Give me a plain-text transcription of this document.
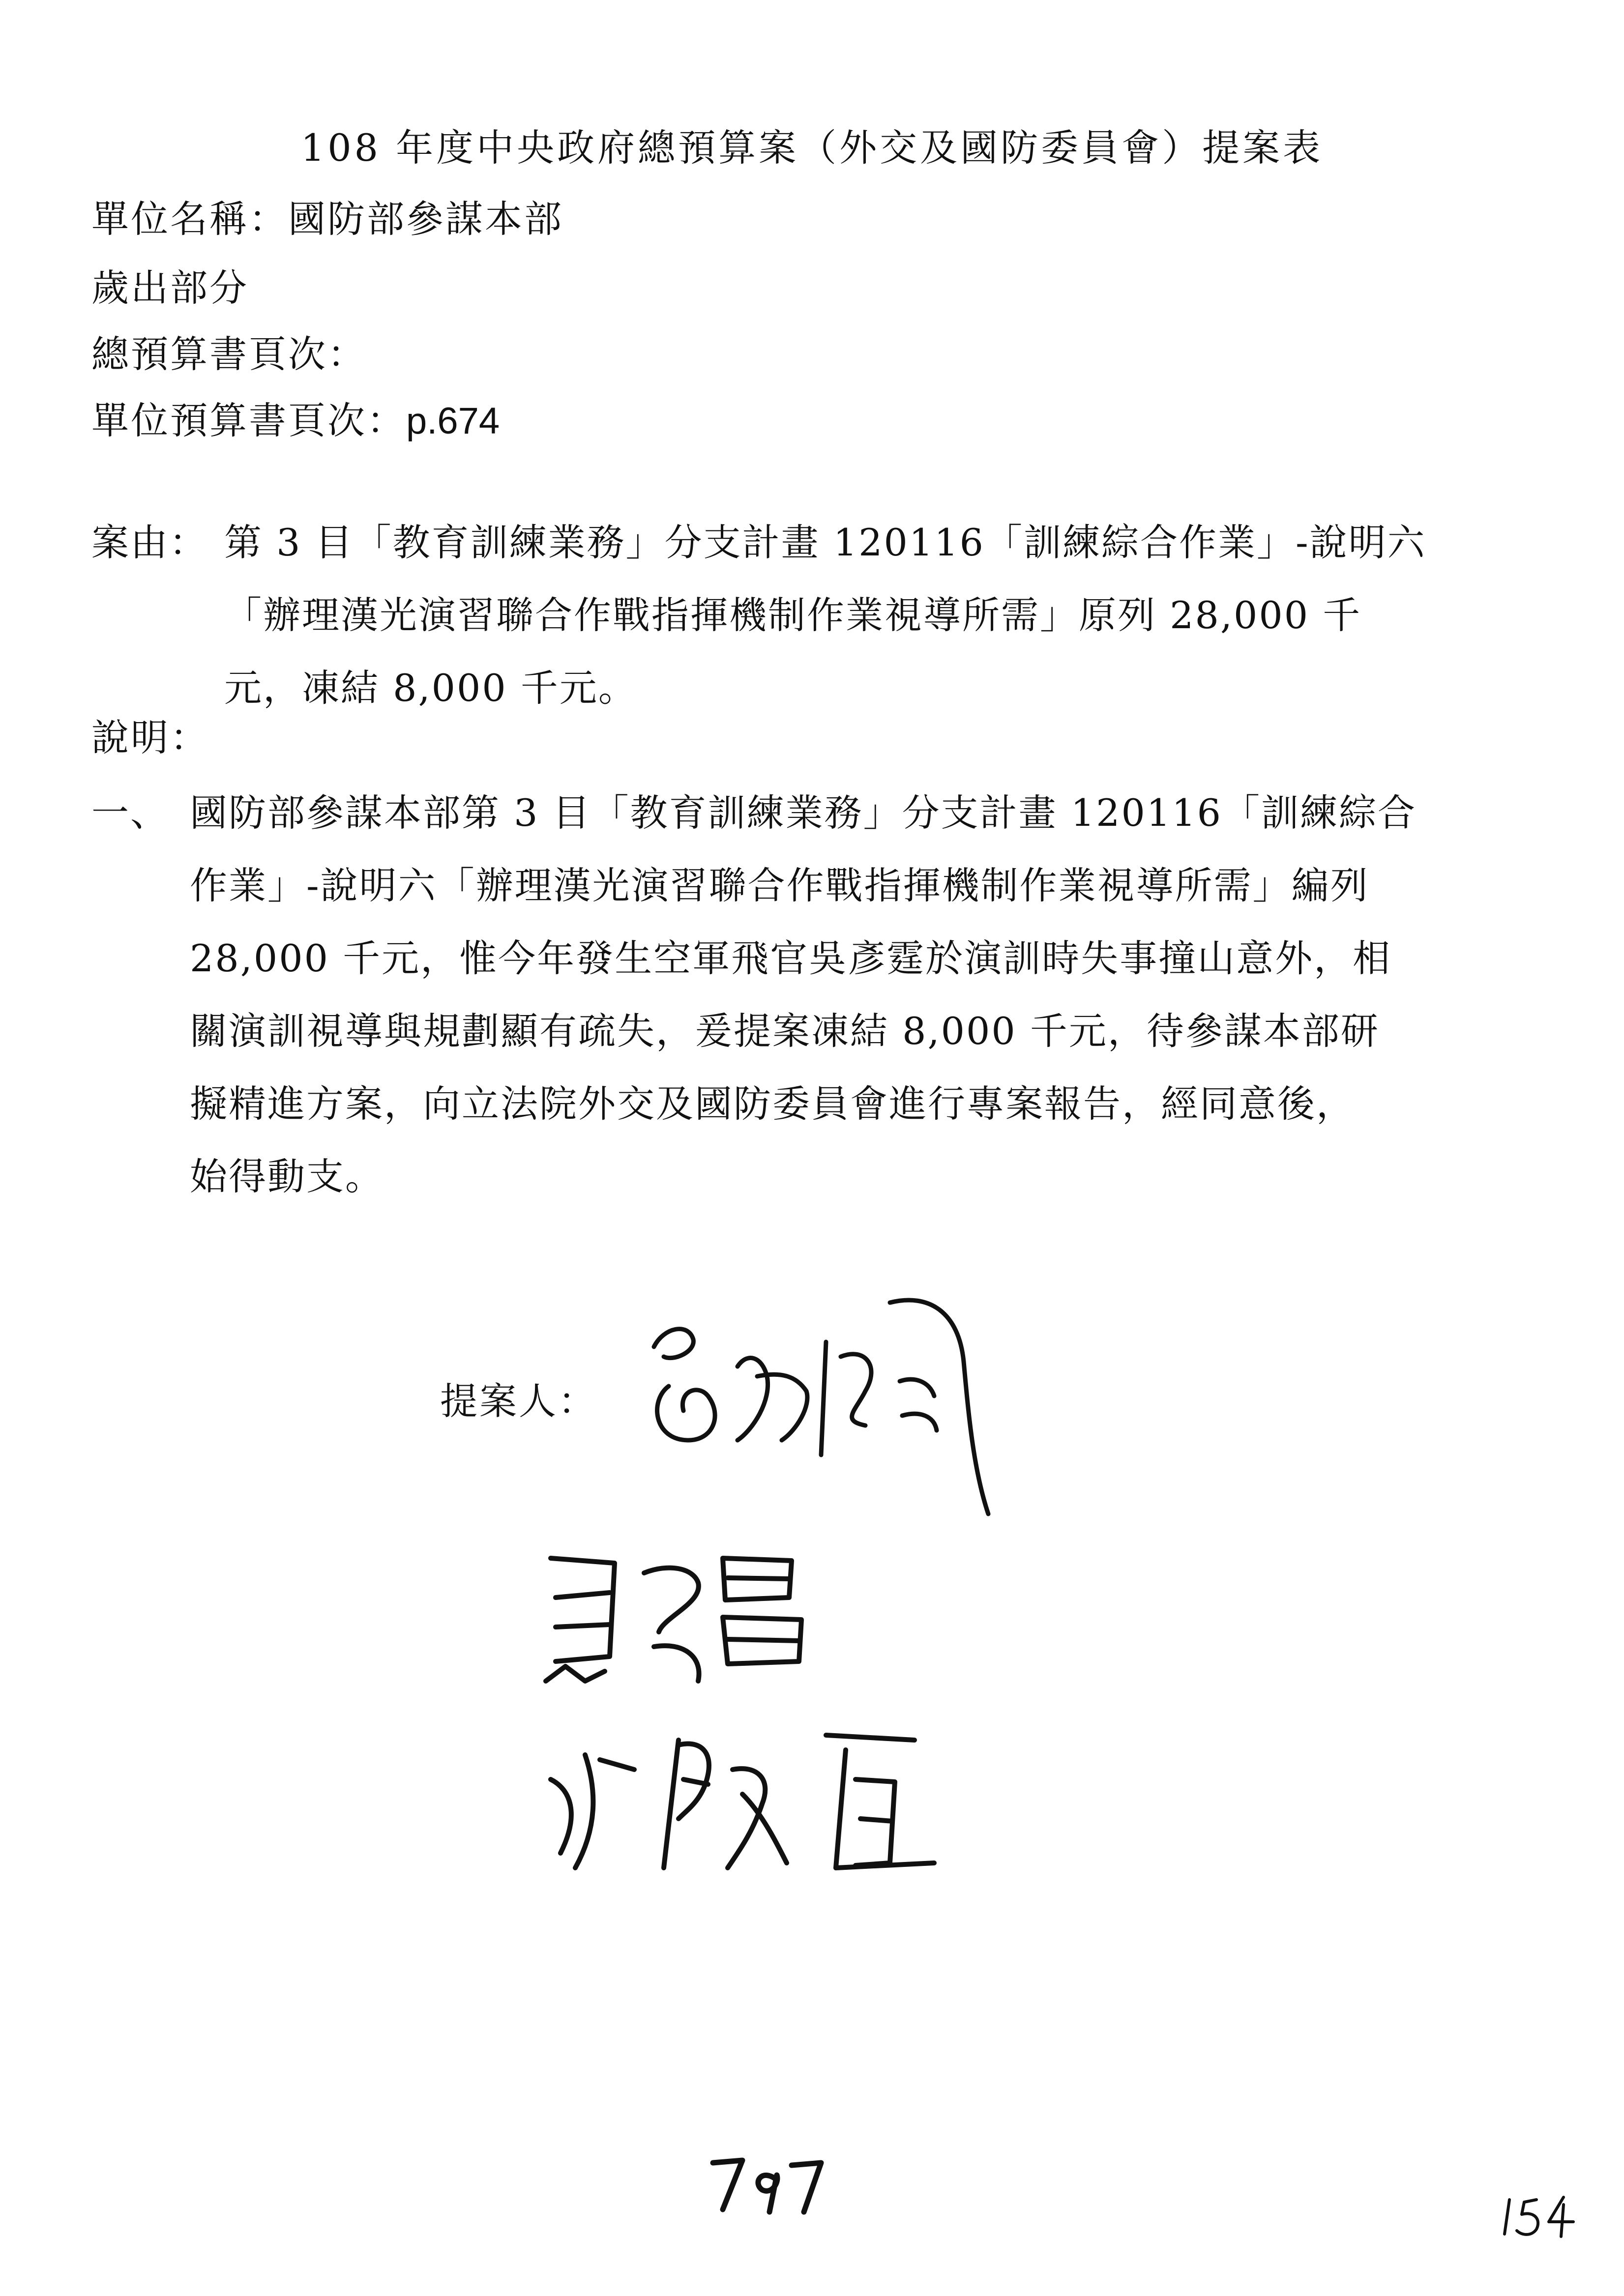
108 年度中央政府總預算案（外交及國防委員會）提案表
單位名稱：國防部參謀本部
歲出部分
總預算書頁次：
單位預算書頁次：p.674
案由： 第 3 目「教育訓練業務」分支計畫 120116「訓練綜合作業」-說明六
「辦理漢光演習聯合作戰指揮機制作業視導所需」原列 28,000 千
元，凍結 8,000 千元。
說明：
一、 國防部參謀本部第 3 目「教育訓練業務」分支計畫 120116「訓練綜合
作業」-說明六「辦理漢光演習聯合作戰指揮機制作業視導所需」編列
28,000 千元，惟今年發生空軍飛官吳彥霆於演訓時失事撞山意外，相
關演訓視導與規劃顯有疏失，爰提案凍結 8,000 千元，待參謀本部研
擬精進方案，向立法院外交及國防委員會進行專案報告，經同意後，
始得動支。
提案人：
